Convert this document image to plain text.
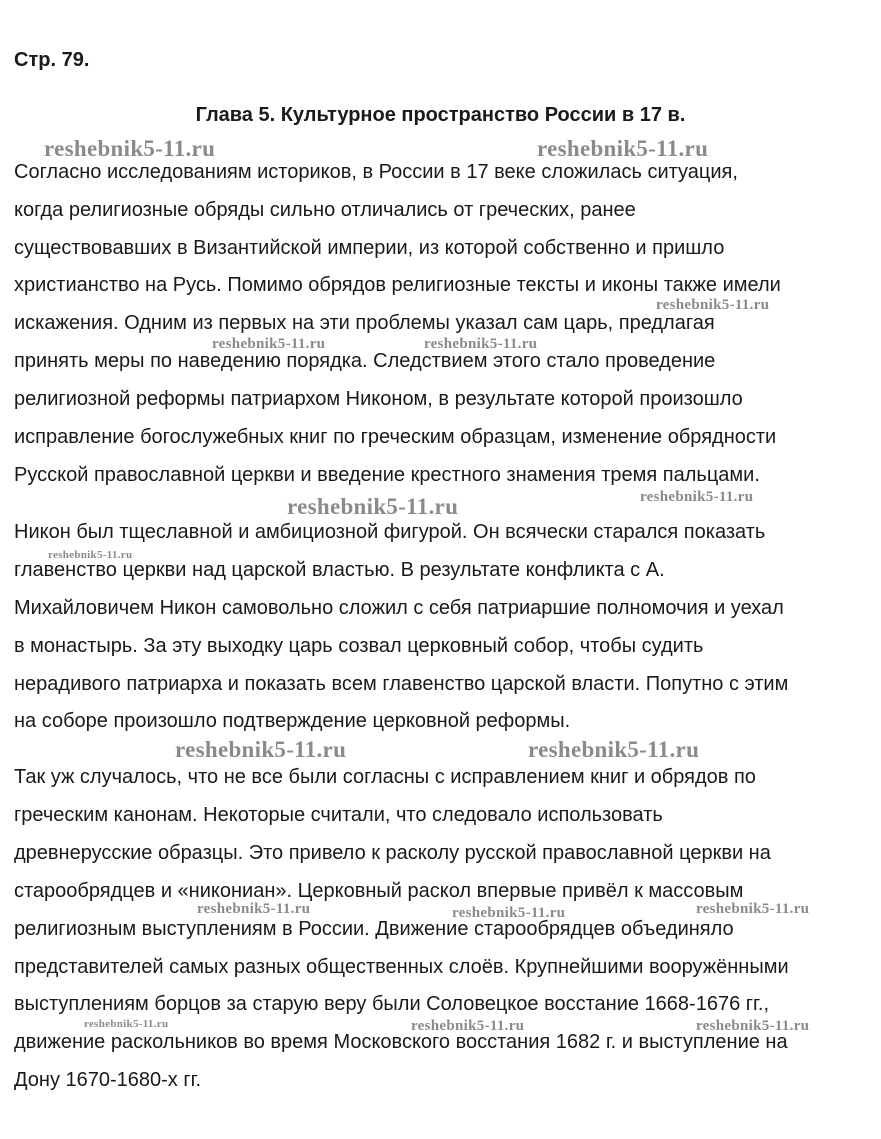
Стр. 79.
Глава 5. Культурное пространство России в 17 в.
Согласно исследованиям историков, в России в 17 веке сложилась ситуация,
когда религиозные обряды сильно отличались от греческих, ранее
существовавших в Византийской империи, из которой собственно и пришло
христианство на Русь. Помимо обрядов религиозные тексты и иконы также имели
искажения. Одним из первых на эти проблемы указал сам царь, предлагая
принять меры по наведению порядка. Следствием этого стало проведение
религиозной реформы патриархом Никоном, в результате которой произошло
исправление богослужебных книг по греческим образцам, изменение обрядности
Русской православной церкви и введение крестного знамения тремя пальцами.
Никон был тщеславной и амбициозной фигурой. Он всячески старался показать
главенство церкви над царской властью. В результате конфликта с А.
Михайловичем Никон самовольно сложил с себя патриаршие полномочия и уехал
в монастырь. За эту выходку царь созвал церковный собор, чтобы судить
нерадивого патриарха и показать всем главенство царской власти. Попутно с этим
на соборе произошло подтверждение церковной реформы.
Так уж случалось, что не все были согласны с исправлением книг и обрядов по
греческим канонам. Некоторые считали, что следовало использовать
древнерусские образцы. Это привело к расколу русской православной церкви на
старообрядцев и «никониан». Церковный раскол впервые привёл к массовым
религиозным выступлениям в России. Движение старообрядцев объединяло
представителей самых разных общественных слоёв. Крупнейшими вооружёнными
выступлениям борцов за старую веру были Соловецкое восстание 1668-1676 гг.,
движение раскольников во время Московского восстания 1682 г. и выступление на
Дону 1670-1680-х гг.
reshebnik5-11.ru	reshebnik5-11.ru
reshebnik5-11.ru
reshebnik5-11.ru	reshebnik5-11.ru
reshebnik5-11.ru	reshebnik5-11.ru
reshebnik5-11.ru
reshebnik5-11.ru	reshebnik5-11.ru
reshebnik5-11.ru	reshebnik5-11.ru	reshebnik5-11.ru
reshebnik5-11.ru	reshebnik5-11.ru	reshebnik5-11.ru
